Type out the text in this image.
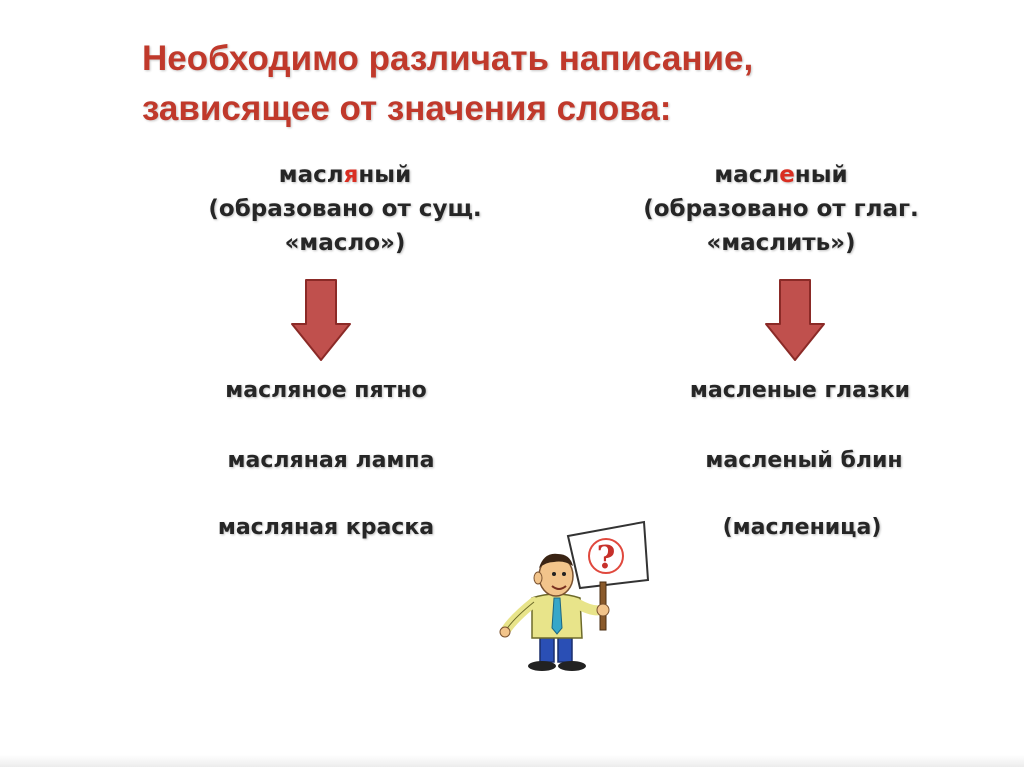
Необходимо различать написание,
зависящее от значения слова:
масляный
(образовано от сущ.
«масло»)
масленый
(образовано от глаг.
«маслить»)
масляное пятно
масляная лампа
масляная краска
масленые глазки
масленый блин
(масленица)
?
